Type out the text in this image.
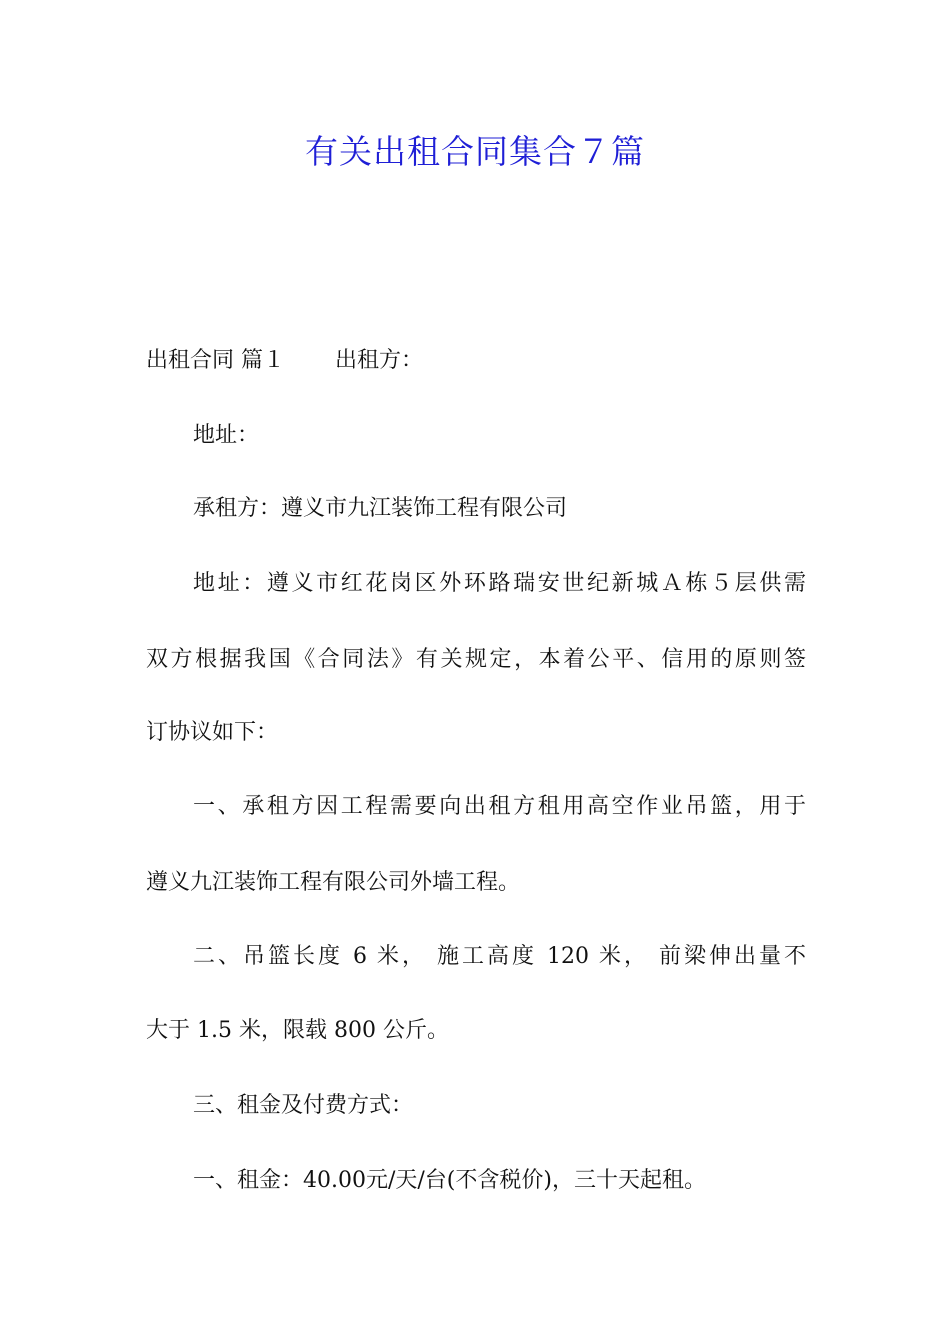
有关出租合同集合７篇

出租合同 篇１ 出租方：

地址：

承租方：遵义市九江装饰工程有限公司

地址：遵义市红花岗区外环路瑞安世纪新城Ａ栋５层供需

双方根据我国《合同法》有关规定，本着公平、信用的原则签

订协议如下：

一、承租方因工程需要向出租方租用高空作业吊篮，用于

遵义九江装饰工程有限公司外墙工程。

二、吊篮长度 6 米， 施工高度 120 米， 前梁伸出量不

大于 1.5 米，限载 800 公斤。

三、租金及付费方式：

一、租金：40.00元/天/台(不含税价)，三十天起租。
